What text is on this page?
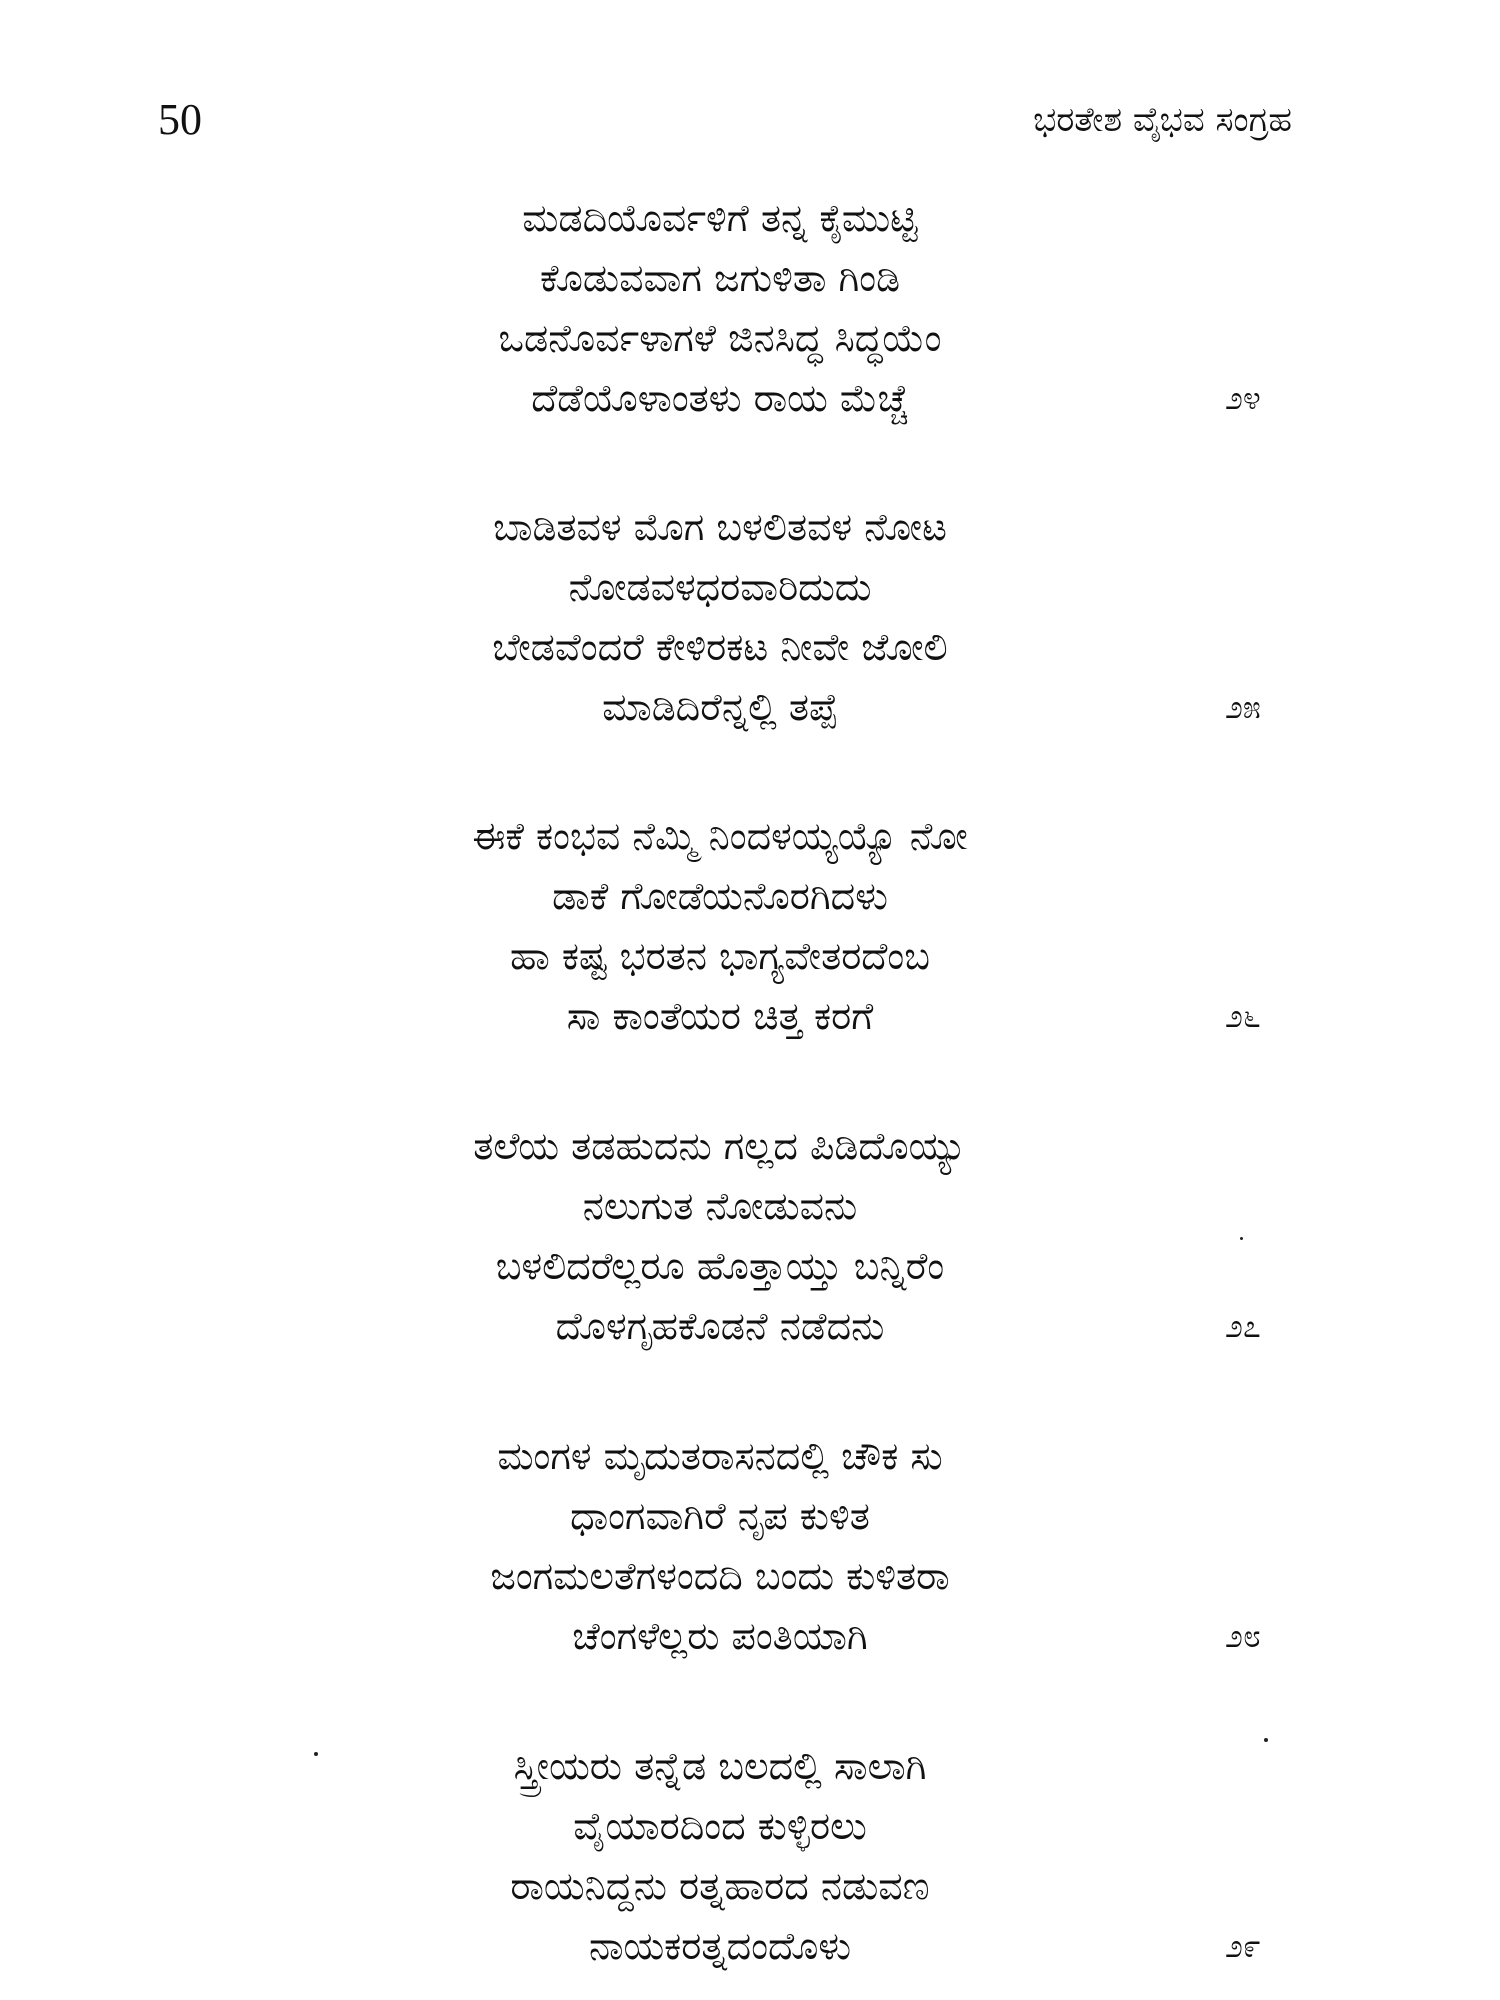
50	ಭರತೇಶ ವೈಭವ ಸಂಗ್ರಹ
ಮಡದಿಯೊರ್ವಳಿಗೆ ತನ್ನ ಕೈಮುಟ್ಟಿ
ಕೊಡುವವಾಗ ಜಗುಳಿತಾ ಗಿಂಡಿ
ಒಡನೊರ್ವಳಾಗಳೆ ಜಿನಸಿದ್ಧ ಸಿದ್ಧಯೆಂ
ದೆಡೆಯೊಳಾಂತಳು ರಾಯ ಮೆಚ್ಚೆ	೨೪
ಬಾಡಿತವಳ ಮೊಗ ಬಳಲಿತವಳ ನೋಟ
ನೋಡವಳಧರವಾರಿದುದು
ಬೇಡವೆಂದರೆ ಕೇಳಿರಕಟ ನೀವೇ ಜೋಲಿ
ಮಾಡಿದಿರೆನ್ನಲ್ಲಿ ತಪ್ಪೆ	೨೫
ಈಕೆ ಕಂಭವ ನೆಮ್ಮಿ ನಿಂದಳಯ್ಯಯ್ಯೊ ನೋ
ಡಾಕೆ ಗೋಡೆಯನೊರಗಿದಳು
ಹಾ ಕಷ್ಟ ಭರತನ ಭಾಗ್ಯವೇತರದೆಂಬ
ಸಾ ಕಾಂತೆಯರ ಚಿತ್ತ ಕರಗೆ	೨೬
ತಲೆಯ ತಡಹುದನು ಗಲ್ಲದ ಪಿಡಿದೊಯ್ಯು
ನಲುಗುತ ನೋಡುವನು
ಬಳಲಿದರೆಲ್ಲರೂ ಹೊತ್ತಾಯ್ತು ಬನ್ನಿರೆಂ
ದೊಳಗೃಹಕೊಡನೆ ನಡೆದನು	೨೭
ಮಂಗಳ ಮೃದುತರಾಸನದಲ್ಲಿ ಚೌಕ ಸು
ಧಾಂಗವಾಗಿರೆ ನೃಪ ಕುಳಿತ
ಜಂಗಮಲತೆಗಳಂದದಿ ಬಂದು ಕುಳಿತರಾ
ಚೆಂಗಳೆಲ್ಲರು ಪಂತಿಯಾಗಿ	೨೮
ಸ್ತ್ರೀಯರು ತನ್ನೆಡ ಬಲದಲ್ಲಿ ಸಾಲಾಗಿ
ವೈಯಾರದಿಂದ ಕುಳ್ಳಿರಲು
ರಾಯನಿದ್ದನು ರತ್ನಹಾರದ ನಡುವಣ
ನಾಯಕರತ್ನದಂದೊಳು	೨೯
